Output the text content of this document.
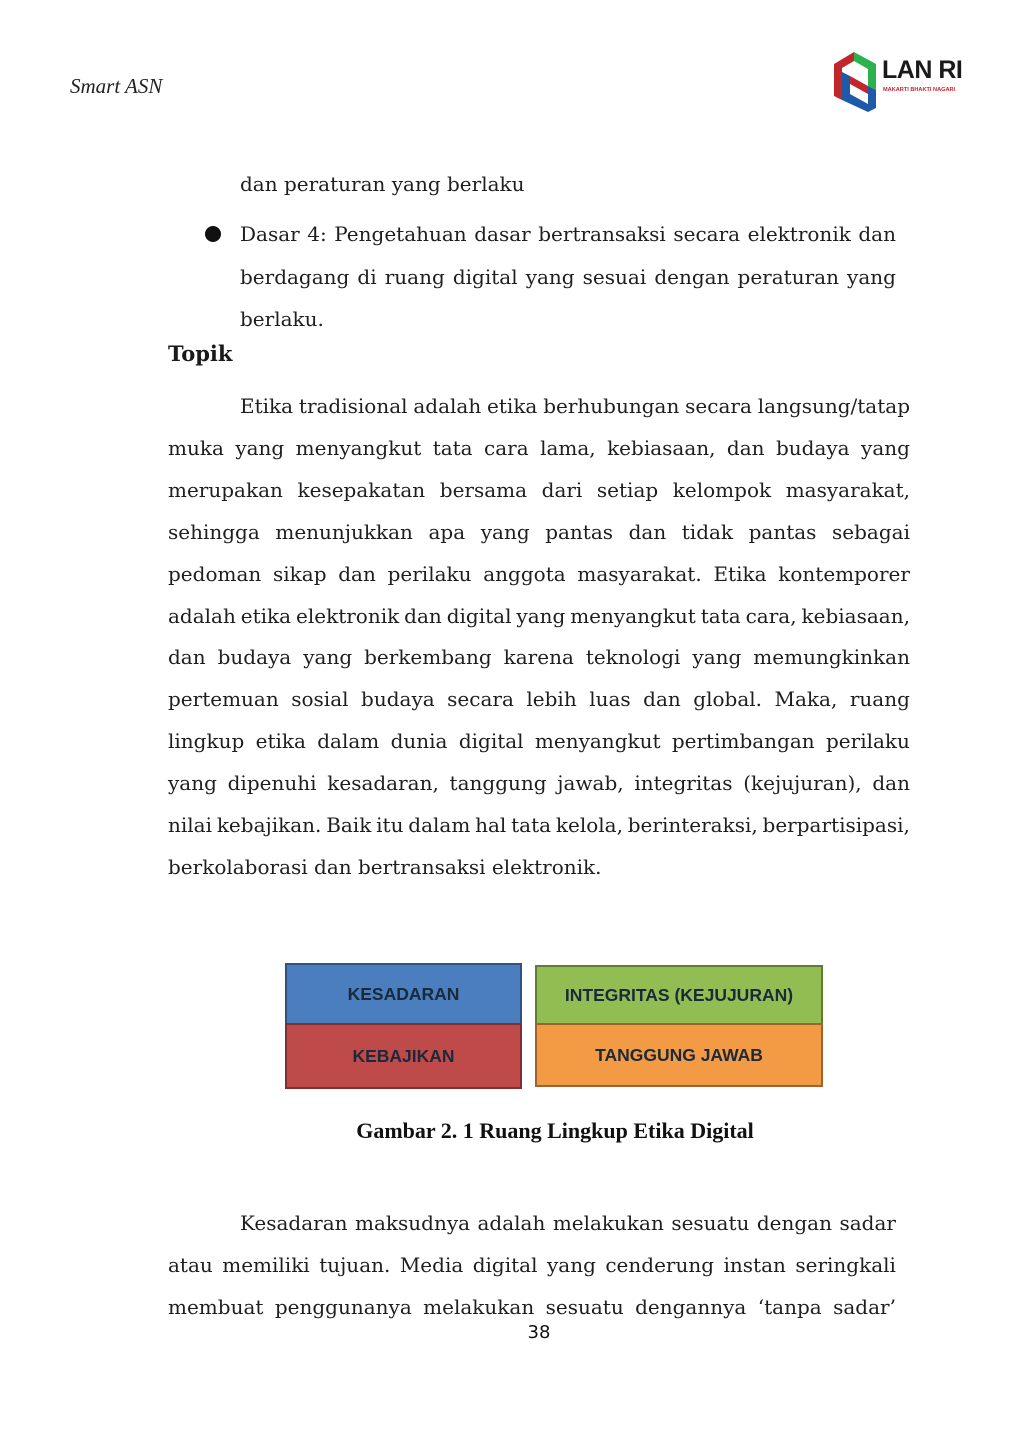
Smart ASN
LAN RI
MAKARTI BHAKTI NAGARI
dan peraturan yang berlaku
Dasar 4: Pengetahuan dasar bertransaksi secara elektronik dan
berdagang di ruang digital yang sesuai dengan peraturan yang
berlaku.
Topik
Etika tradisional adalah etika berhubungan secara langsung/tatap
muka yang menyangkut tata cara lama, kebiasaan, dan budaya yang
merupakan kesepakatan bersama dari setiap kelompok masyarakat,
sehingga menunjukkan apa yang pantas dan tidak pantas sebagai
pedoman sikap dan perilaku anggota masyarakat. Etika kontemporer
adalah etika elektronik dan digital yang menyangkut tata cara, kebiasaan,
dan budaya yang berkembang karena teknologi yang memungkinkan
pertemuan sosial budaya secara lebih luas dan global. Maka, ruang
lingkup etika dalam dunia digital menyangkut pertimbangan perilaku
yang dipenuhi kesadaran, tanggung jawab, integritas (kejujuran), dan
nilai kebajikan. Baik itu dalam hal tata kelola, berinteraksi, berpartisipasi,
berkolaborasi dan bertransaksi elektronik.
KESADARAN	INTEGRITAS (KEJUJURAN)
KEBAJIKAN	TANGGUNG JAWAB
Gambar 2. 1 Ruang Lingkup Etika Digital
Kesadaran maksudnya adalah melakukan sesuatu dengan sadar
atau memiliki tujuan. Media digital yang cenderung instan seringkali
membuat penggunanya melakukan sesuatu dengannya ‘tanpa sadar’
38
